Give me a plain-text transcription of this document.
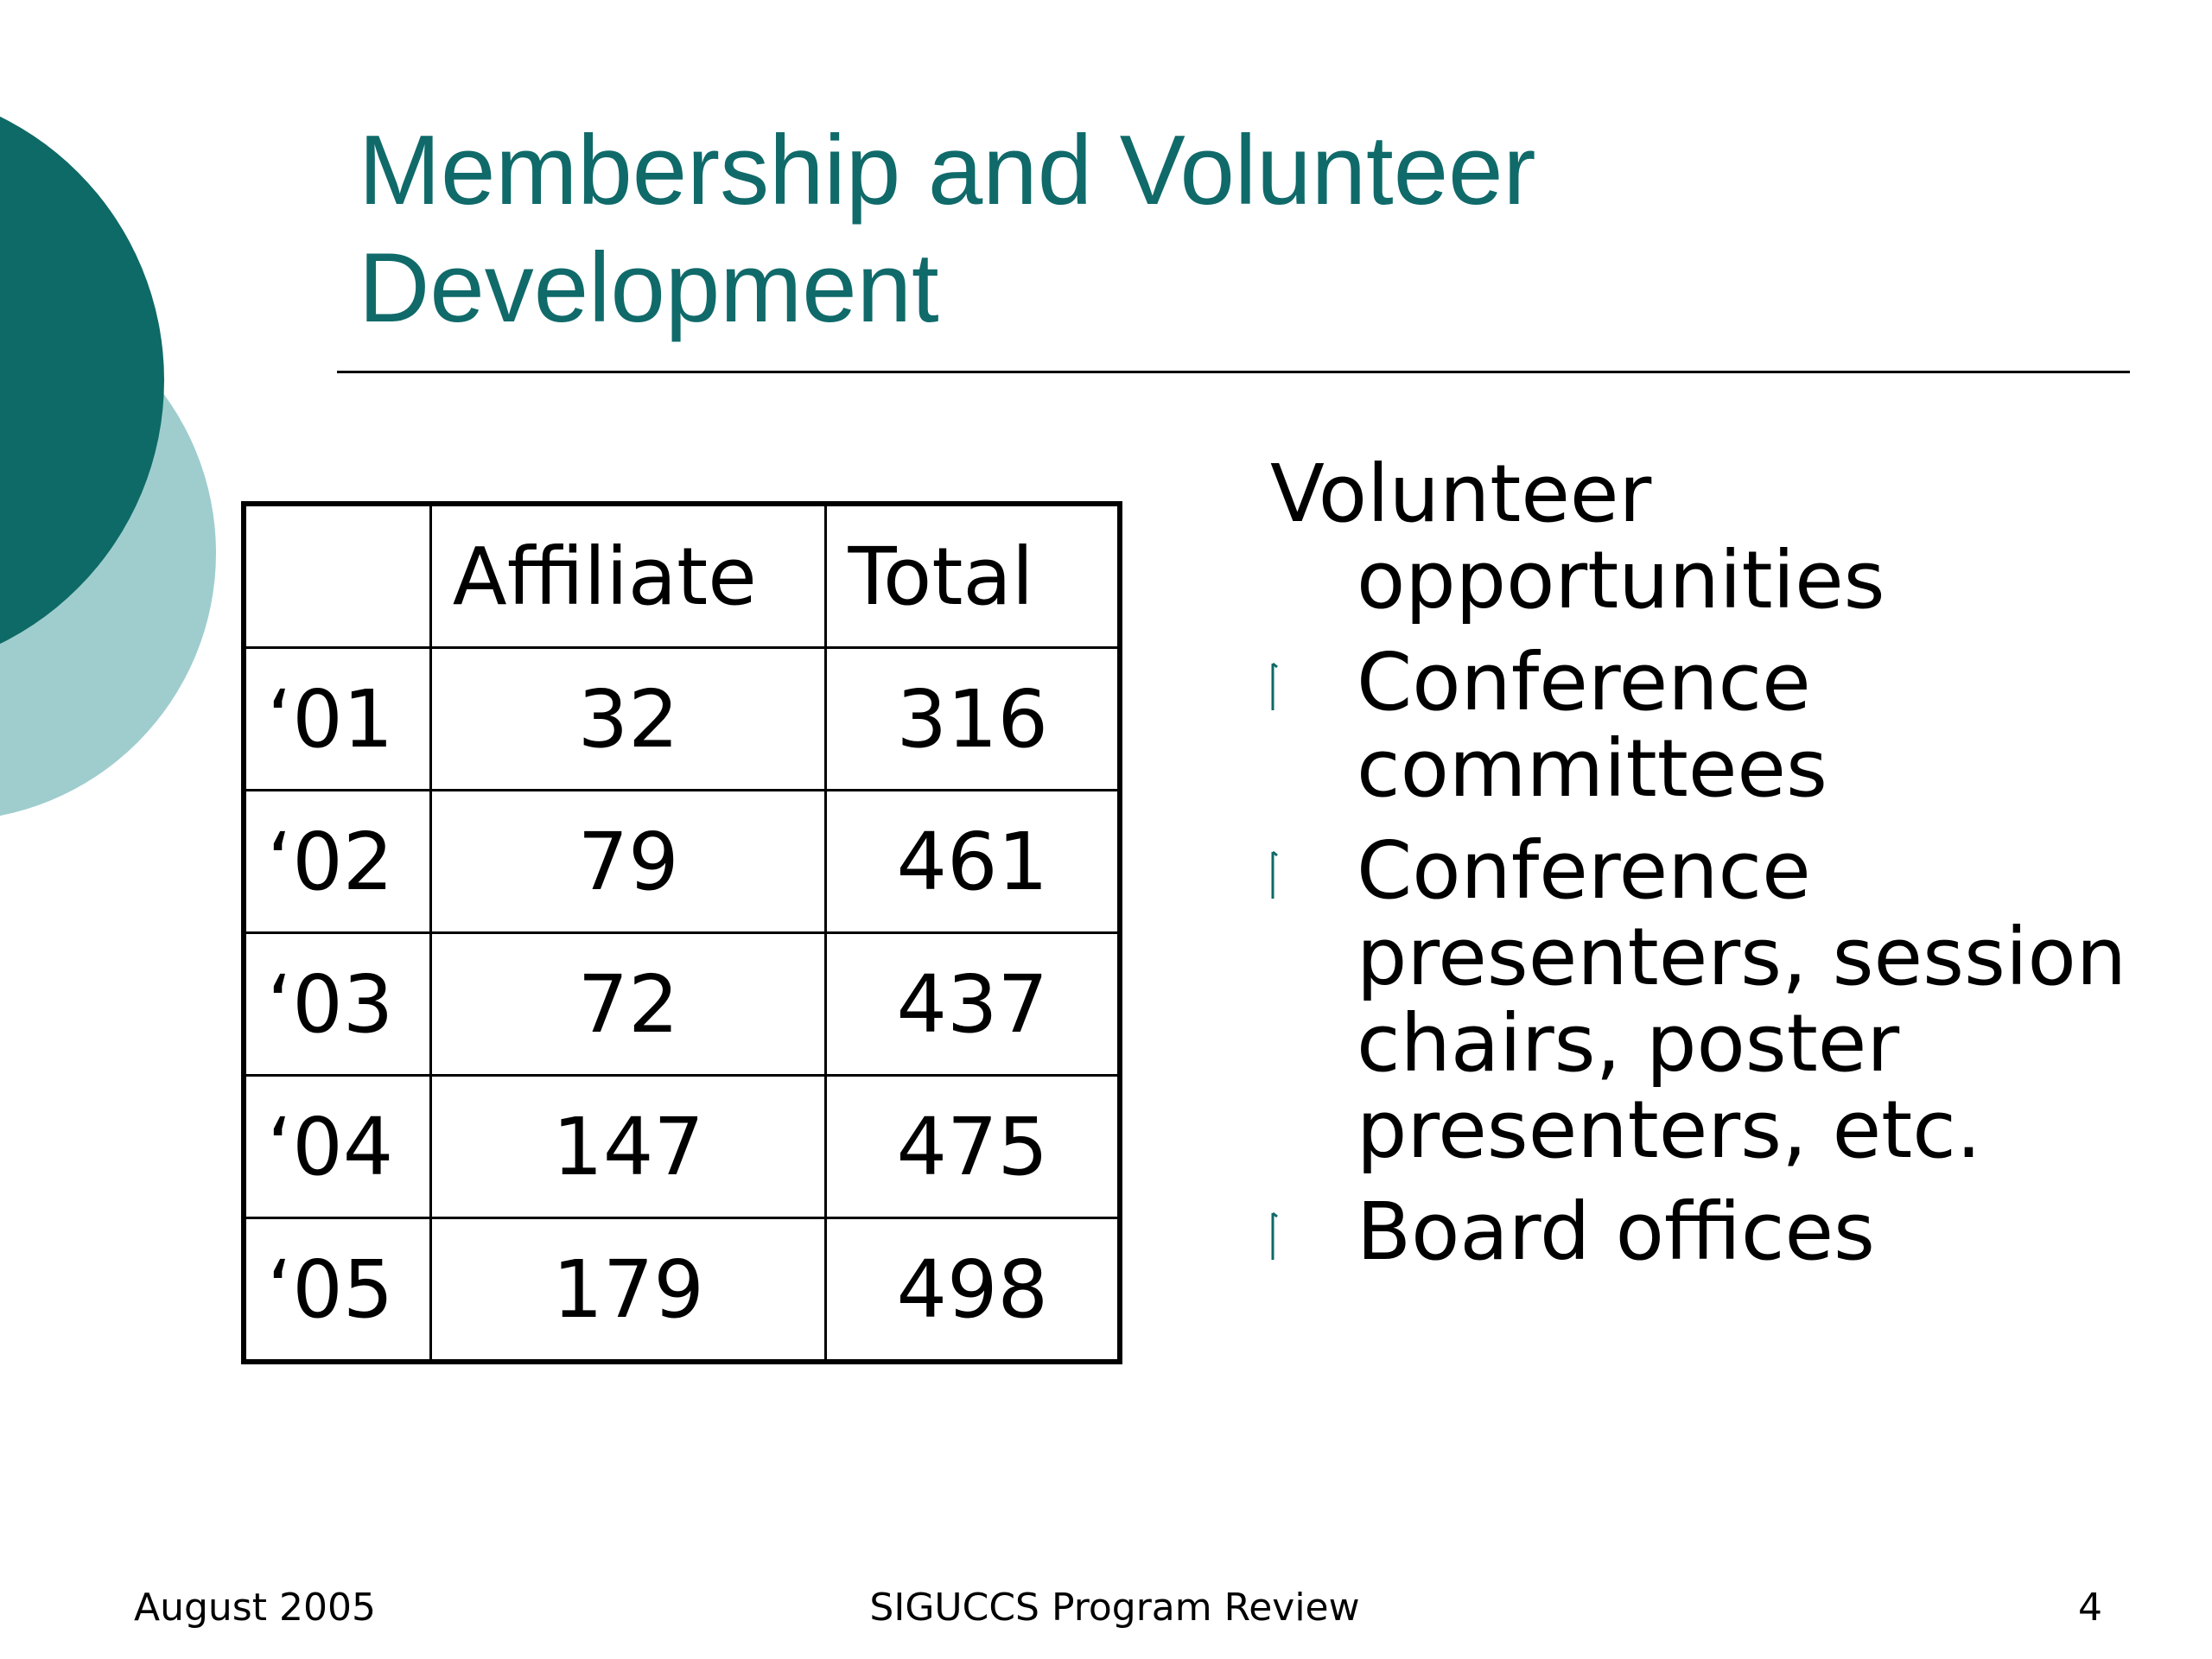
Membership and Volunteer
Development
	Affiliate	Total
‘01	32	316
‘02	79	461
‘03	72	437
‘04	147	475
‘05	179	498

Volunteer opportunities

Conference committees
Conference presenters, session chairs, poster presenters, etc.
Board offices
August 2005	SIGUCCS Program Review	4
